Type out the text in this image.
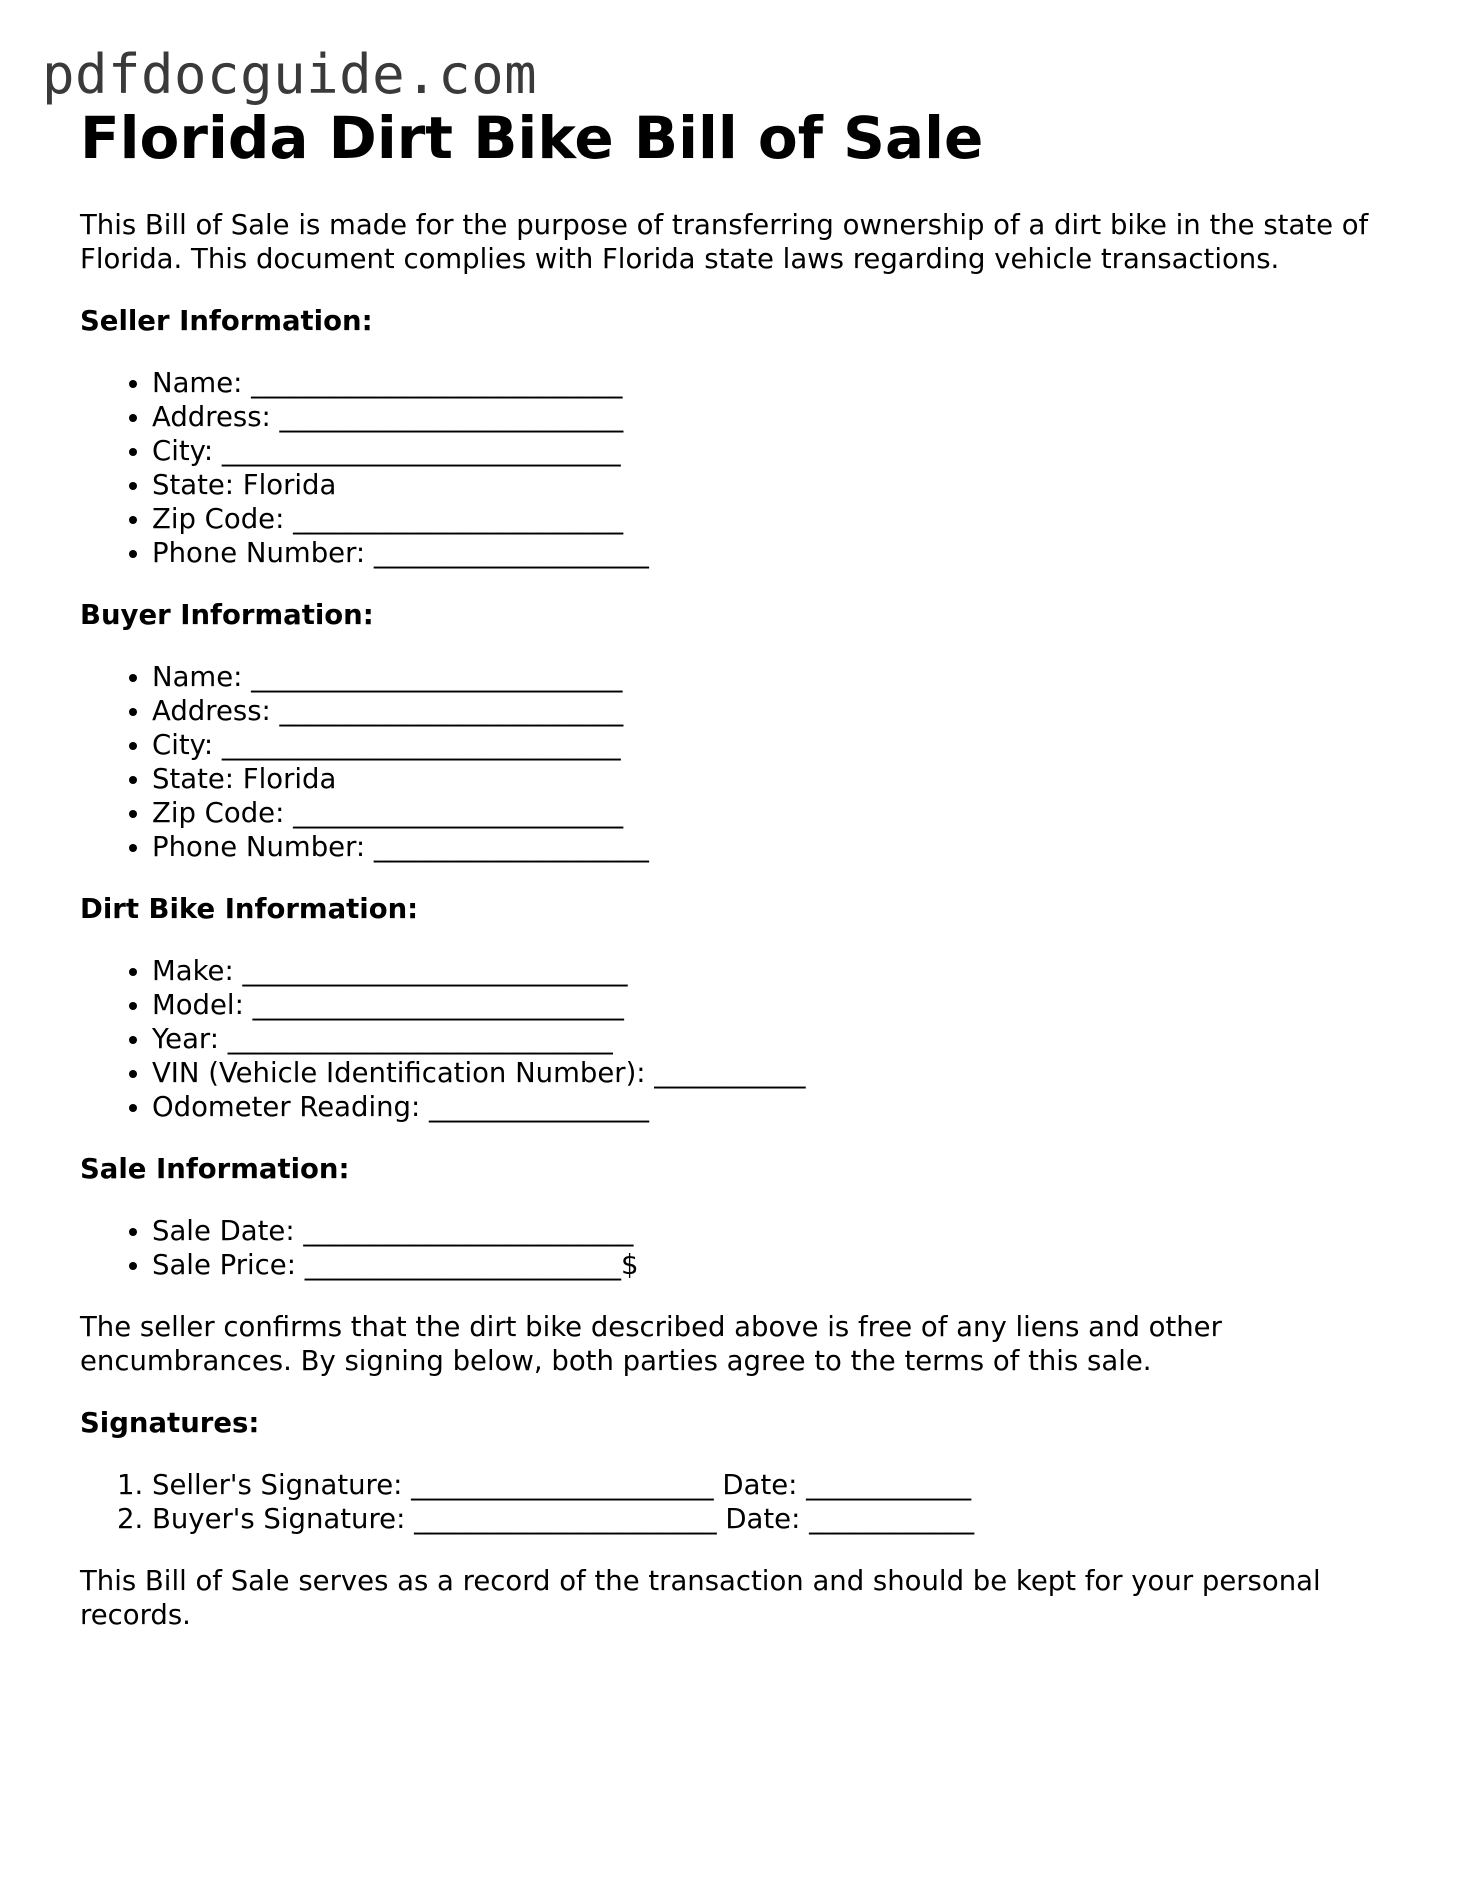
pdfdocguide.com
Florida Dirt Bike Bill of Sale

This Bill of Sale is made for the purpose of transferring ownership of a dirt bike in the state of Florida. This document complies with Florida state laws regarding vehicle transactions.

Seller Information:
• Name: ___________________________
• Address: _________________________
• City: _____________________________
• State: Florida
• Zip Code: ________________________
• Phone Number: ____________________
Buyer Information:
• Name: ___________________________
• Address: _________________________
• City: _____________________________
• State: Florida
• Zip Code: ________________________
• Phone Number: ____________________
Dirt Bike Information:
• Make: ____________________________
• Model: ___________________________
• Year: ____________________________
• VIN (Vehicle Identification Number): ___________
• Odometer Reading: ________________
Sale Information:
• Sale Date: ________________________
• Sale Price: _______________________$

The seller confirms that the dirt bike described above is free of any liens and other encumbrances. By signing below, both parties agree to the terms of this sale.

Signatures:
1. Seller's Signature: ______________________ Date: ____________
2. Buyer's Signature: ______________________ Date: ____________

This Bill of Sale serves as a record of the transaction and should be kept for your personal records.
